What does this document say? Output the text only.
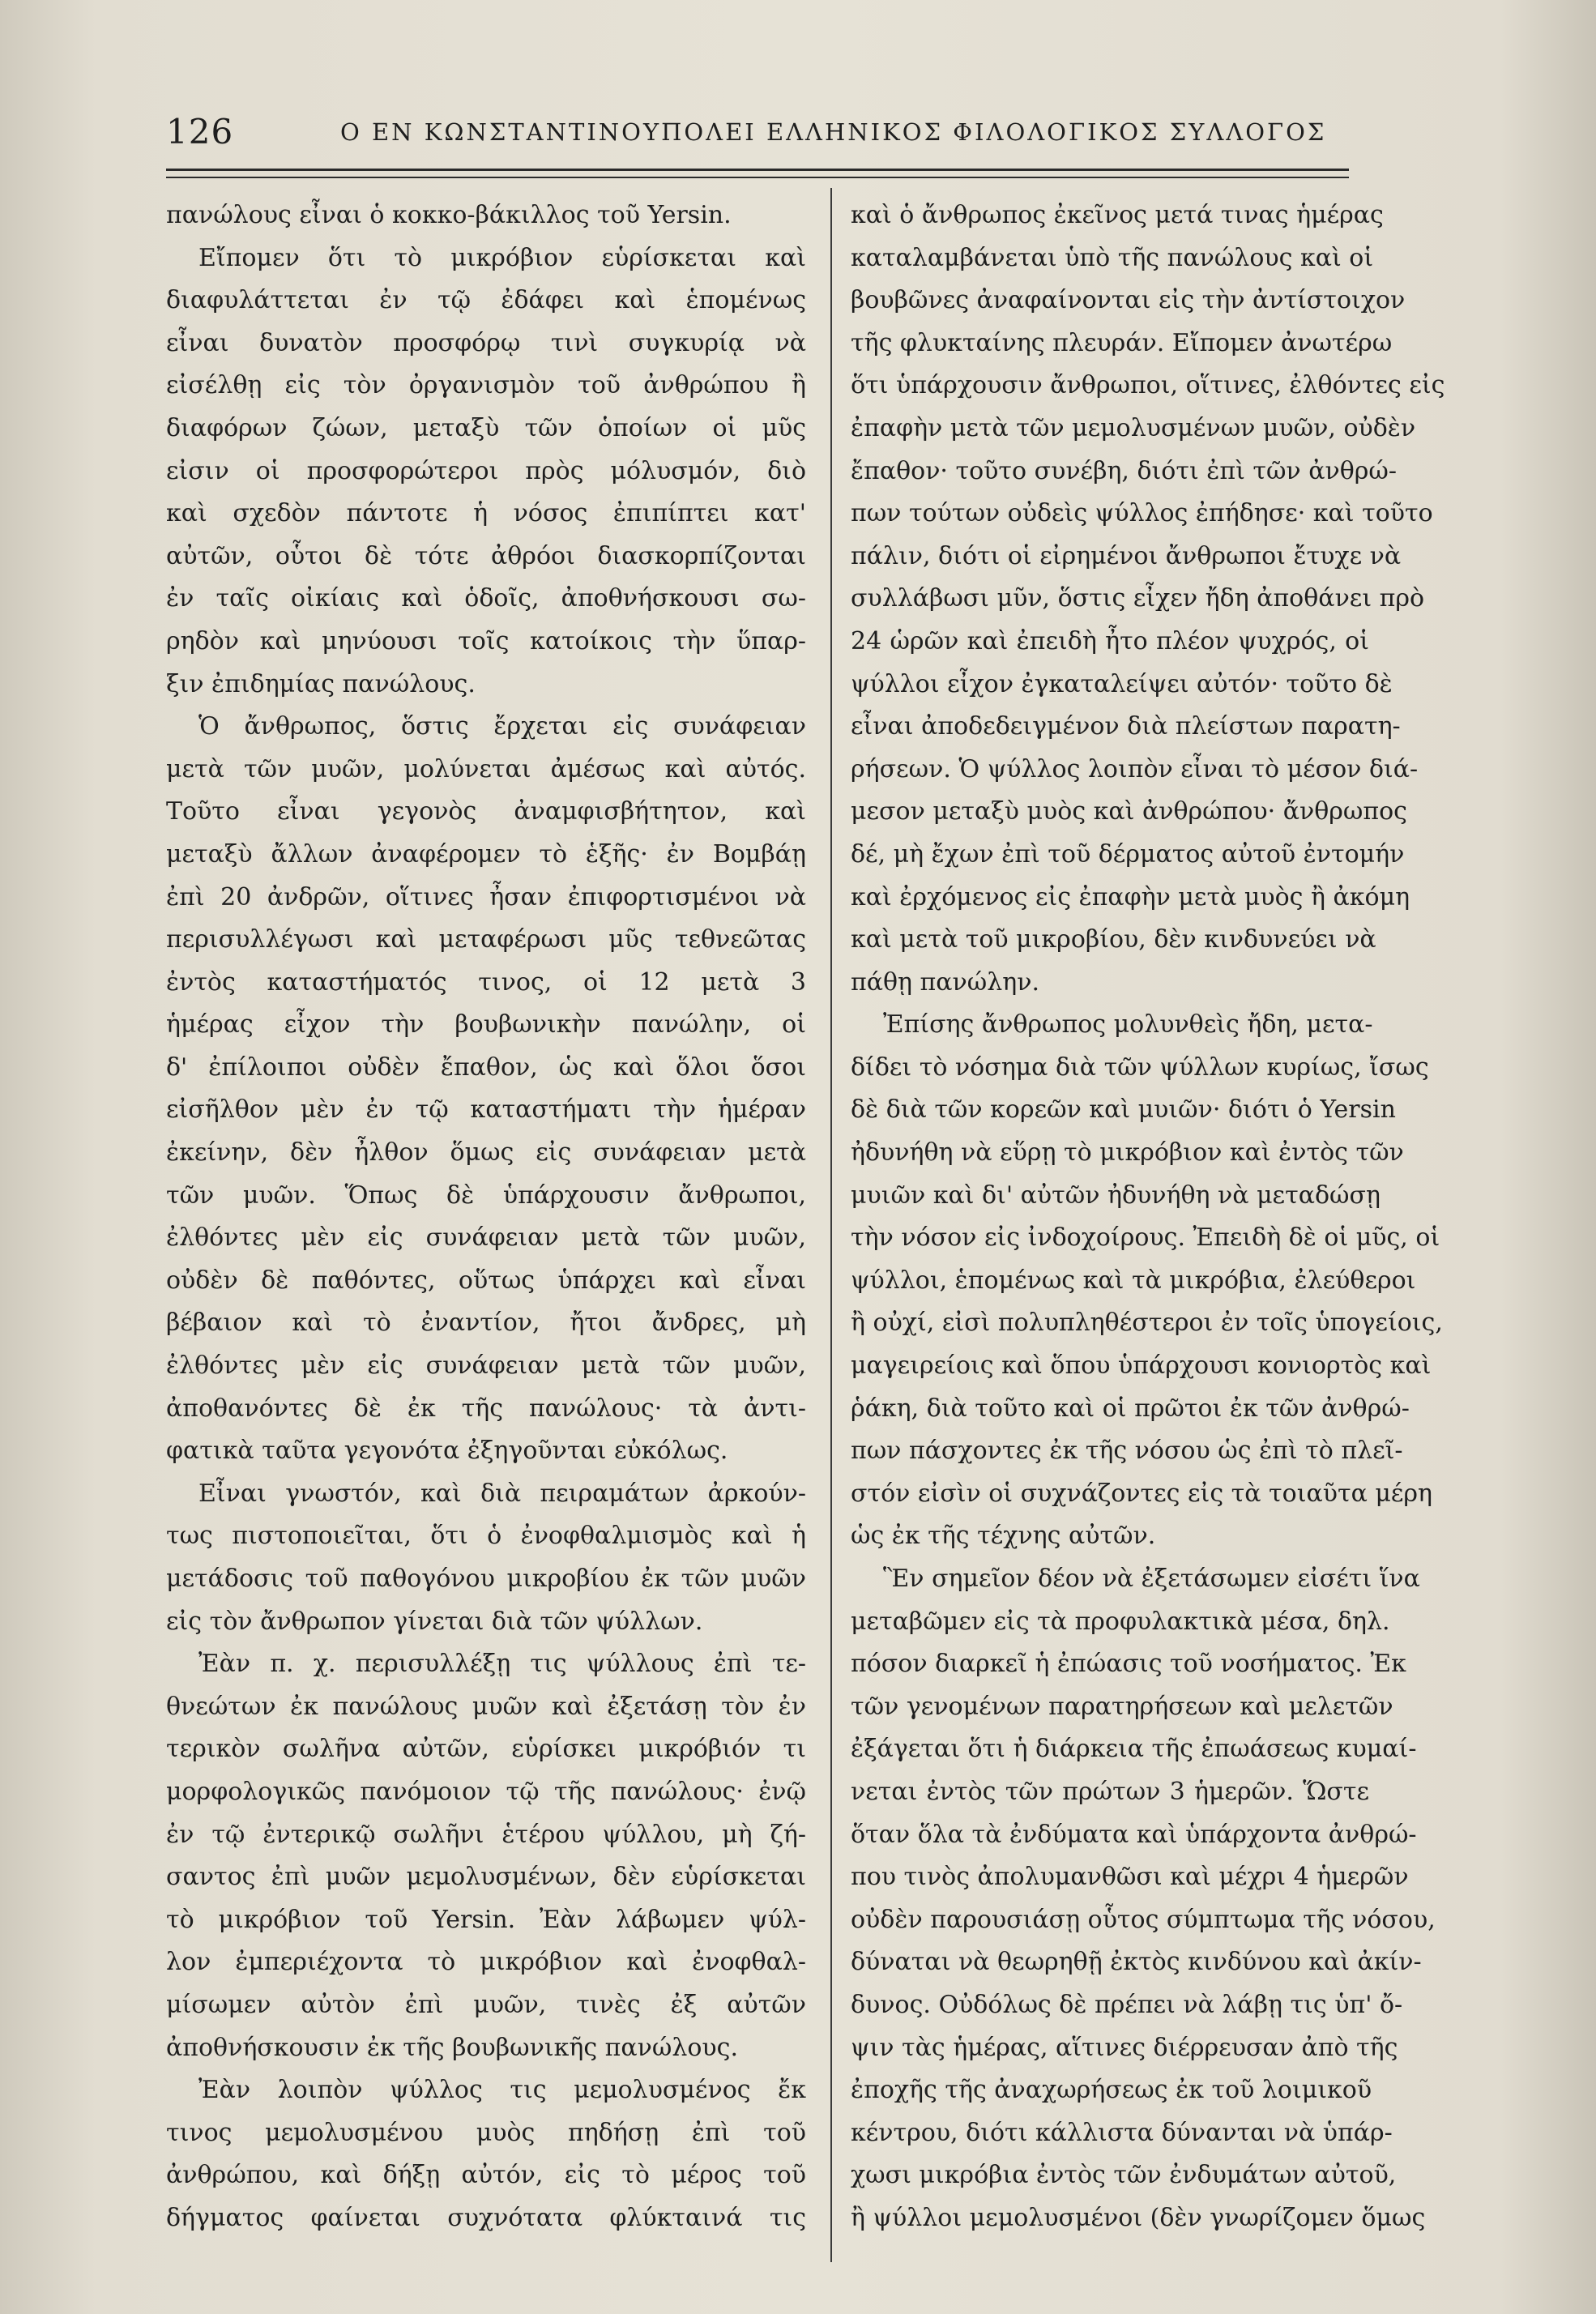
126	Ο ΕΝ ΚΩΝΣΤΑΝΤΙΝΟΥΠΟΛΕΙ ΕΛΛΗΝΙΚΟΣ ΦΙΛΟΛΟΓΙΚΟΣ ΣΥΛΛΟΓΟΣ
πανώλους εἶναι ὁ κοκκο-βάκιλλος τοῦ Yersin.
Εἴπομεν ὅτι τὸ μικρόβιον εὑρίσκεται καὶ
διαφυλάττεται ἐν τῷ ἐδάφει καὶ ἑπομένως
εἶναι δυνατὸν προσφόρῳ τινὶ συγκυρίᾳ νὰ
εἰσέλθῃ εἰς τὸν ὀργανισμὸν τοῦ ἀνθρώπου ἢ
διαφόρων ζώων, μεταξὺ τῶν ὁποίων οἱ μῦς
εἰσιν οἱ προσφορώτεροι πρὸς μόλυσμόν, διὸ
καὶ σχεδὸν πάντοτε ἡ νόσος ἐπιπίπτει κατ'
αὐτῶν, οὗτοι δὲ τότε ἀθρόοι διασκορπίζονται
ἐν ταῖς οἰκίαις καὶ ὁδοῖς, ἀποθνήσκουσι σω-
ρηδὸν καὶ μηνύουσι τοῖς κατοίκοις τὴν ὕπαρ-
ξιν ἐπιδημίας πανώλους.
Ὁ ἄνθρωπος, ὅστις ἔρχεται εἰς συνάφειαν
μετὰ τῶν μυῶν, μολύνεται ἀμέσως καὶ αὐτός.
Τοῦτο εἶναι γεγονὸς ἀναμφισβήτητον, καὶ
μεταξὺ ἄλλων ἀναφέρομεν τὸ ἑξῆς· ἐν Βομβάῃ
ἐπὶ 20 ἀνδρῶν, οἵτινες ἦσαν ἐπιφορτισμένοι νὰ
περισυλλέγωσι καὶ μεταφέρωσι μῦς τεθνεῶτας
ἐντὸς καταστήματός τινος, οἱ 12 μετὰ 3
ἡμέρας εἶχον τὴν βουβωνικὴν πανώλην, οἱ
δ' ἐπίλοιποι οὐδὲν ἔπαθον, ὡς καὶ ὅλοι ὅσοι
εἰσῆλθον μὲν ἐν τῷ καταστήματι τὴν ἡμέραν
ἐκείνην, δὲν ἦλθον ὅμως εἰς συνάφειαν μετὰ
τῶν μυῶν. Ὅπως δὲ ὑπάρχουσιν ἄνθρωποι,
ἐλθόντες μὲν εἰς συνάφειαν μετὰ τῶν μυῶν,
οὐδὲν δὲ παθόντες, οὕτως ὑπάρχει καὶ εἶναι
βέβαιον καὶ τὸ ἐναντίον, ἤτοι ἄνδρες, μὴ
ἐλθόντες μὲν εἰς συνάφειαν μετὰ τῶν μυῶν,
ἀποθανόντες δὲ ἐκ τῆς πανώλους· τὰ ἀντι-
φατικὰ ταῦτα γεγονότα ἐξηγοῦνται εὐκόλως.
Εἶναι γνωστόν, καὶ διὰ πειραμάτων ἀρκούν-
τως πιστοποιεῖται, ὅτι ὁ ἐνοφθαλμισμὸς καὶ ἡ
μετάδοσις τοῦ παθογόνου μικροβίου ἐκ τῶν μυῶν
εἰς τὸν ἄνθρωπον γίνεται διὰ τῶν ψύλλων.
Ἐὰν π. χ. περισυλλέξῃ τις ψύλλους ἐπὶ τε-
θνεώτων ἐκ πανώλους μυῶν καὶ ἐξετάσῃ τὸν ἐν
τερικὸν σωλῆνα αὐτῶν, εὑρίσκει μικρόβιόν τι
μορφολογικῶς πανόμοιον τῷ τῆς πανώλους· ἐνῷ
ἐν τῷ ἐντερικῷ σωλῆνι ἑτέρου ψύλλου, μὴ ζή-
σαντος ἐπὶ μυῶν μεμολυσμένων, δὲν εὑρίσκεται
τὸ μικρόβιον τοῦ Yersin. Ἐὰν λάβωμεν ψύλ-
λον ἐμπεριέχοντα τὸ μικρόβιον καὶ ἐνοφθαλ-
μίσωμεν αὐτὸν ἐπὶ μυῶν, τινὲς ἐξ αὐτῶν
ἀποθνήσκουσιν ἐκ τῆς βουβωνικῆς πανώλους.
Ἐὰν λοιπὸν ψύλλος τις μεμολυσμένος ἔκ
τινος μεμολυσμένου μυὸς πηδήσῃ ἐπὶ τοῦ
ἀνθρώπου, καὶ δήξῃ αὐτόν, εἰς τὸ μέρος τοῦ
δήγματος φαίνεται συχνότατα φλύκταινά τις
καὶ ὁ ἄνθρωπος ἐκεῖνος μετά τινας ἡμέρας
καταλαμβάνεται ὑπὸ τῆς πανώλους καὶ οἱ
βουβῶνες ἀναφαίνονται εἰς τὴν ἀντίστοιχον
τῆς φλυκταίνης πλευράν. Εἴπομεν ἀνωτέρω
ὅτι ὑπάρχουσιν ἄνθρωποι, οἵτινες, ἐλθόντες εἰς
ἐπαφὴν μετὰ τῶν μεμολυσμένων μυῶν, οὐδὲν
ἔπαθον· τοῦτο συνέβη, διότι ἐπὶ τῶν ἀνθρώ-
πων τούτων οὐδεὶς ψύλλος ἐπήδησε· καὶ τοῦτο
πάλιν, διότι οἱ εἰρημένοι ἄνθρωποι ἔτυχε νὰ
συλλάβωσι μῦν, ὅστις εἶχεν ἤδη ἀποθάνει πρὸ
24 ὡρῶν καὶ ἐπειδὴ ἦτο πλέον ψυχρός, οἱ
ψύλλοι εἶχον ἐγκαταλείψει αὐτόν· τοῦτο δὲ
εἶναι ἀποδεδειγμένον διὰ πλείστων παρατη-
ρήσεων. Ὁ ψύλλος λοιπὸν εἶναι τὸ μέσον διά-
μεσον μεταξὺ μυὸς καὶ ἀνθρώπου· ἄνθρωπος
δέ, μὴ ἔχων ἐπὶ τοῦ δέρματος αὐτοῦ ἐντομήν
καὶ ἐρχόμενος εἰς ἐπαφὴν μετὰ μυὸς ἢ ἀκόμη
καὶ μετὰ τοῦ μικροβίου, δὲν κινδυνεύει νὰ
πάθῃ πανώλην.
Ἐπίσης ἄνθρωπος μολυνθεὶς ἤδη, μετα-
δίδει τὸ νόσημα διὰ τῶν ψύλλων κυρίως, ἴσως
δὲ διὰ τῶν κορεῶν καὶ μυιῶν· διότι ὁ Yersin
ἠδυνήθη νὰ εὕρῃ τὸ μικρόβιον καὶ ἐντὸς τῶν
μυιῶν καὶ δι' αὐτῶν ἠδυνήθη νὰ μεταδώσῃ
τὴν νόσον εἰς ἰνδοχοίρους. Ἐπειδὴ δὲ οἱ μῦς, οἱ
ψύλλοι, ἑπομένως καὶ τὰ μικρόβια, ἐλεύθεροι
ἢ οὐχί, εἰσὶ πολυπληθέστεροι ἐν τοῖς ὑπογείοις,
μαγειρείοις καὶ ὅπου ὑπάρχουσι κονιορτὸς καὶ
ῥάκη, διὰ τοῦτο καὶ οἱ πρῶτοι ἐκ τῶν ἀνθρώ-
πων πάσχοντες ἐκ τῆς νόσου ὡς ἐπὶ τὸ πλεῖ-
στόν εἰσὶν οἱ συχνάζοντες εἰς τὰ τοιαῦτα μέρη
ὡς ἐκ τῆς τέχνης αὐτῶν.
Ἓν σημεῖον δέον νὰ ἐξετάσωμεν εἰσέτι ἵνα
μεταβῶμεν εἰς τὰ προφυλακτικὰ μέσα, δηλ.
πόσον διαρκεῖ ἡ ἐπώασις τοῦ νοσήματος. Ἐκ
τῶν γενομένων παρατηρήσεων καὶ μελετῶν
ἐξάγεται ὅτι ἡ διάρκεια τῆς ἐπωάσεως κυμαί-
νεται ἐντὸς τῶν πρώτων 3 ἡμερῶν. Ὥστε
ὅταν ὅλα τὰ ἐνδύματα καὶ ὑπάρχοντα ἀνθρώ-
που τινὸς ἀπολυμανθῶσι καὶ μέχρι 4 ἡμερῶν
οὐδὲν παρουσιάσῃ οὗτος σύμπτωμα τῆς νόσου,
δύναται νὰ θεωρηθῇ ἐκτὸς κινδύνου καὶ ἀκίν-
δυνος. Οὐδόλως δὲ πρέπει νὰ λάβῃ τις ὑπ' ὄ-
ψιν τὰς ἡμέρας, αἵτινες διέρρευσαν ἀπὸ τῆς
ἐποχῆς τῆς ἀναχωρήσεως ἐκ τοῦ λοιμικοῦ
κέντρου, διότι κάλλιστα δύνανται νὰ ὑπάρ-
χωσι μικρόβια ἐντὸς τῶν ἐνδυμάτων αὐτοῦ,
ἢ ψύλλοι μεμολυσμένοι (δὲν γνωρίζομεν ὅμως
